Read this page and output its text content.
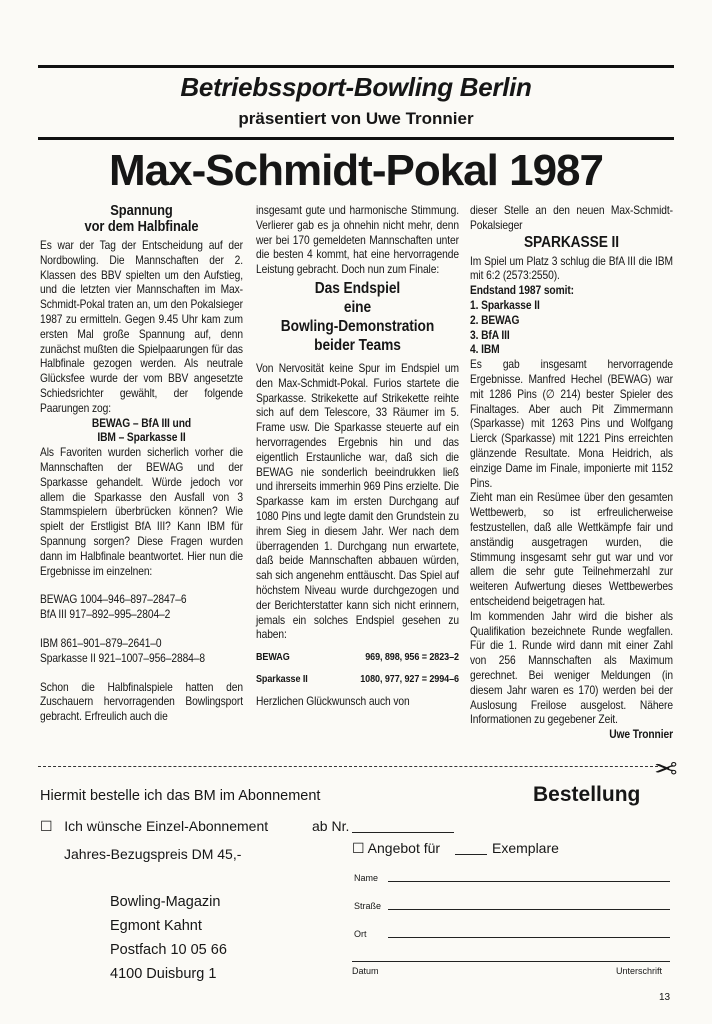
Betriebssport-Bowling Berlin
präsentiert von Uwe Tronnier
Max-Schmidt-Pokal 1987
Spannung
vor dem Halbfinale

Es war der Tag der Entscheidung auf der Nordbowling. Die Mannschaften der 2. Klassen des BBV spielten um den Aufstieg, und die letzten vier Mannschaften im Max-Schmidt-Pokal traten an, um den Pokalsieger 1987 zu ermitteln. Gegen 9.45 Uhr kam zum ersten Mal große Spannung auf, denn zunächst mußten die Spielpaarungen für das Halbfinale gezogen werden. Als neutrale Glücksfee wurde der vom BBV angesetzte Schiedsrichter gewählt, der folgende Paarungen zog:

BEWAG – BfA III und

IBM – Sparkasse II

Als Favoriten wurden sicherlich vorher die Mannschaften der BEWAG und der Sparkasse gehandelt. Würde jedoch vor allem die Sparkasse den Ausfall von 3 Stammspielern überbrücken können? Wie spielt der Erstligist BfA III? Kann IBM für Spannung sorgen? Diese Fragen wurden dann im Halbfinale beantwortet. Hier nun die Ergebnisse im einzelnen:

BEWAG 1004–946–897–2847–6

BfA III 917–892–995–2804–2

IBM 861–901–879–2641–0

Sparkasse II 921–1007–956–2884–8

Schon die Halbfinalspiele hatten den Zuschauern hervorragenden Bowlingsport gebracht. Erfreulich auch die

insgesamt gute und harmonische Stimmung. Verlierer gab es ja ohnehin nicht mehr, denn wer bei 170 gemeldeten Mannschaften unter die besten 4 kommt, hat eine hervorragende Leistung gebracht. Doch nun zum Finale:

Das Endspiel
eine
Bowling-Demonstration
beider Teams

Von Nervosität keine Spur im Endspiel um den Max-Schmidt-Pokal. Furios startete die Sparkasse. Strikekette auf Strikekette reihte sich auf dem Telescore, 33 Räumer im 5. Frame usw. Die Sparkasse steuerte auf ein hervorragendes Ergebnis hin und das eigentlich Erstaunliche war, daß sich die BEWAG nie sonderlich beeindrukken ließ und ihrerseits immerhin 969 Pins erzielte. Die Sparkasse kam im ersten Durchgang auf 1080 Pins und legte damit den Grundstein zu ihrem Sieg in diesem Jahr. Wer nach dem überragenden 1. Durchgang nun erwartete, daß beide Mannschaften abbauen würden, sah sich angenehm enttäuscht. Das Spiel auf höchstem Niveau wurde durchgezogen und der Berichterstatter kann sich nicht erinnern, jemals ein solches Endspiel gesehen zu haben:

BEWAG	969, 898, 956 = 2823–2
Sparkasse II	1080, 977, 927 = 2994–6

Herzlichen Glückwunsch auch von

dieser Stelle an den neuen Max-Schmidt-Pokalsieger

SPARKASSE II

Im Spiel um Platz 3 schlug die BfA III die IBM mit 6:2 (2573:2550).

Endstand 1987 somit:

1. Sparkasse II

2. BEWAG

3. BfA III

4. IBM

Es gab insgesamt hervorragende Ergebnisse. Manfred Hechel (BEWAG) war mit 1286 Pins (∅ 214) bester Spieler des Finaltages. Aber auch Pit Zimmermann (Sparkasse) mit 1263 Pins und Wolfgang Lierck (Sparkasse) mit 1221 Pins erreichten glänzende Resultate. Mona Heidrich, als einzige Dame im Finale, imponierte mit 1152 Pins.

Zieht man ein Resümee über den gesamten Wettbewerb, so ist erfreulicherweise festzustellen, daß alle Wettkämpfe fair und anständig ausgetragen wurden, die Stimmung insgesamt sehr gut war und vor allem die sehr gute Teilnehmerzahl zur weiteren Aufwertung dieses Wettbewerbes entscheidend beigetragen hat.

Im kommenden Jahr wird die bisher als Qualifikation bezeichnete Runde wegfallen. Für die 1. Runde wird dann mit einer Zahl von 256 Mannschaften als Maximum gerechnet. Bei weniger Meldungen (in diesem Jahr waren es 170) werden bei der Auslosung Freilose ausgelost. Nähere Informationen zu gegebener Zeit.

Uwe Tronnier

✂
Hiermit bestelle ich das BM im Abonnement	Bestellung
☐   Ich wünsche Einzel-Abonnement	ab Nr.
Jahres-Bezugspreis DM 45,-	☐ Angebot für	Exemplare
Bowling-Magazin
Egmont Kahnt
Postfach 10 05 66
4100 Duisburg 1
Name
Straße
Ort
Datum	Unterschrift
13
